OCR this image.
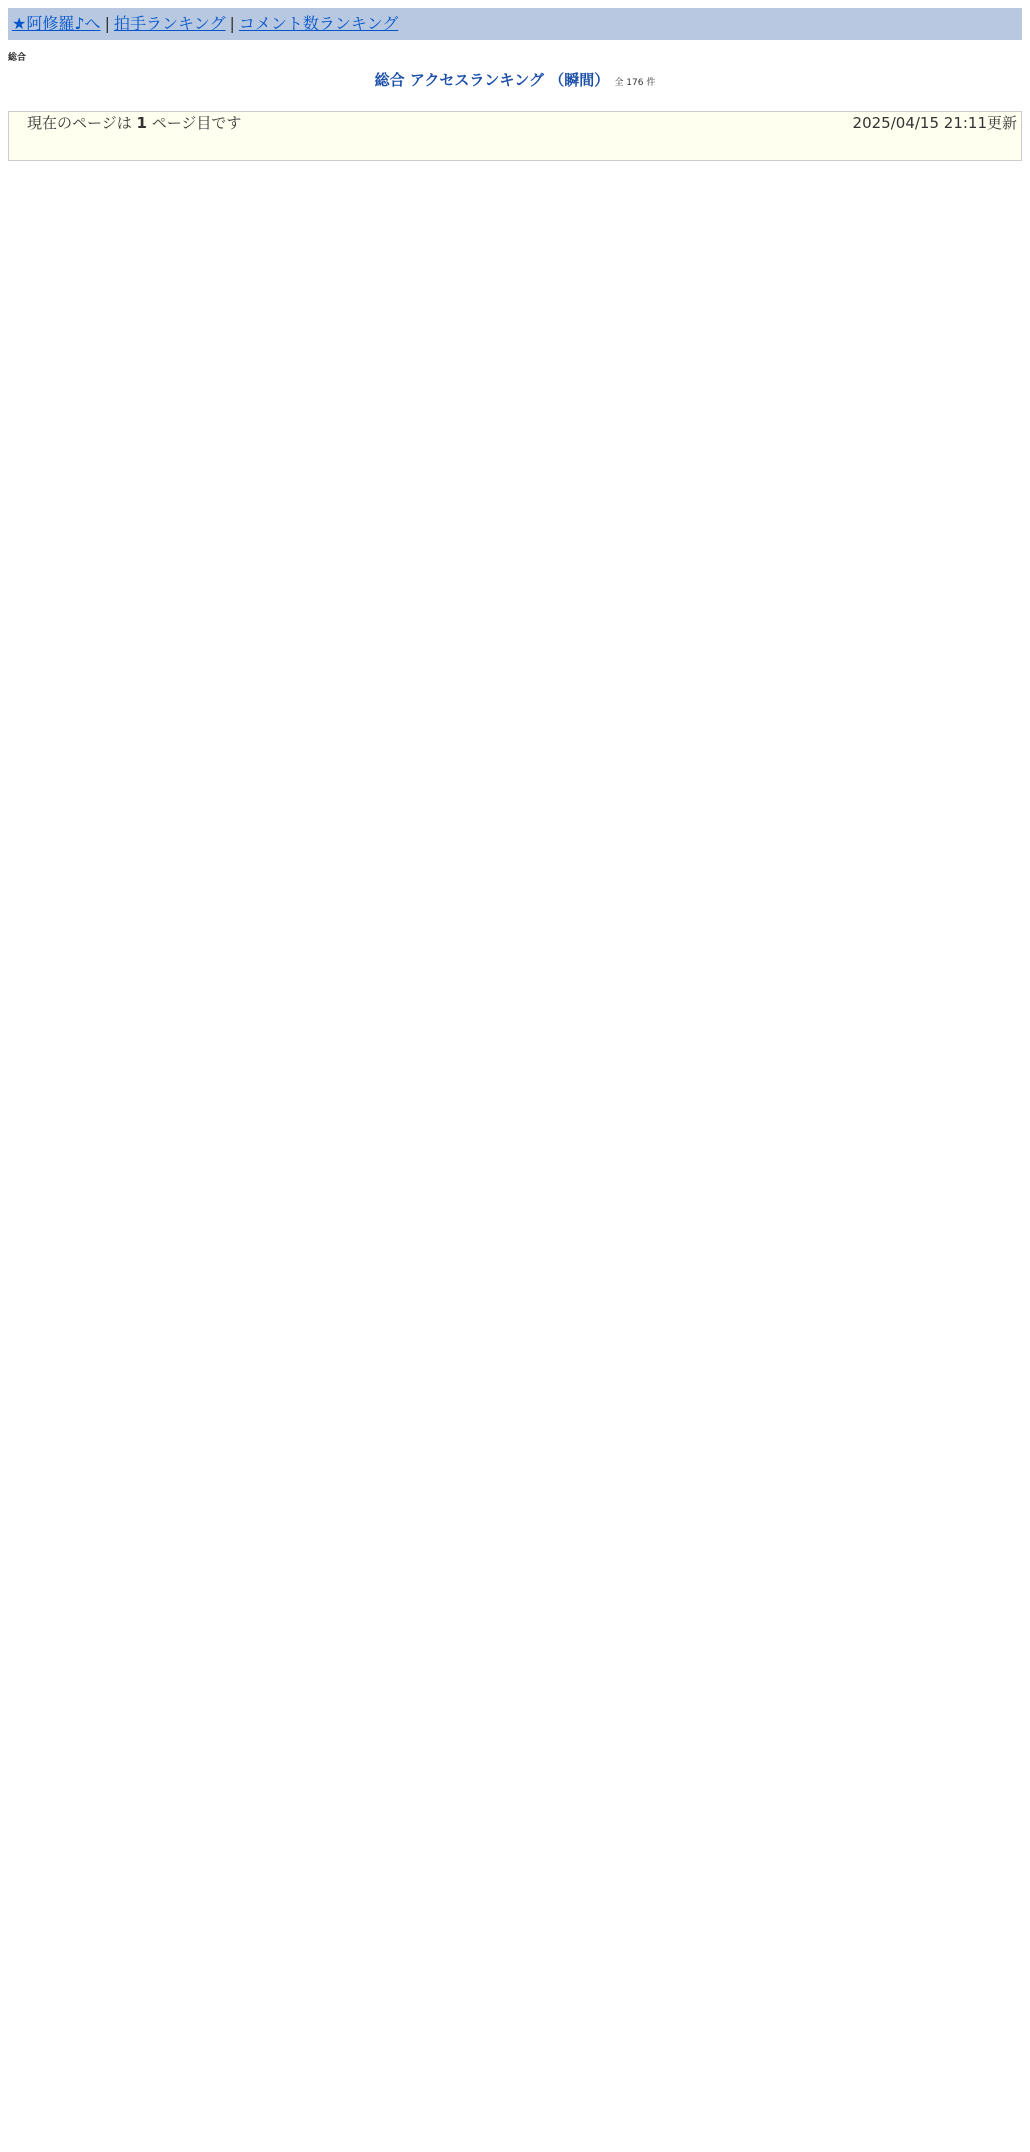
★阿修羅♪へ | 拍手ランキング | コメント数ランキング
総合
総合 アクセスランキング （瞬間） 全 176 件
現在のページは 1 ページ目です	2025/04/15 21:11更新
